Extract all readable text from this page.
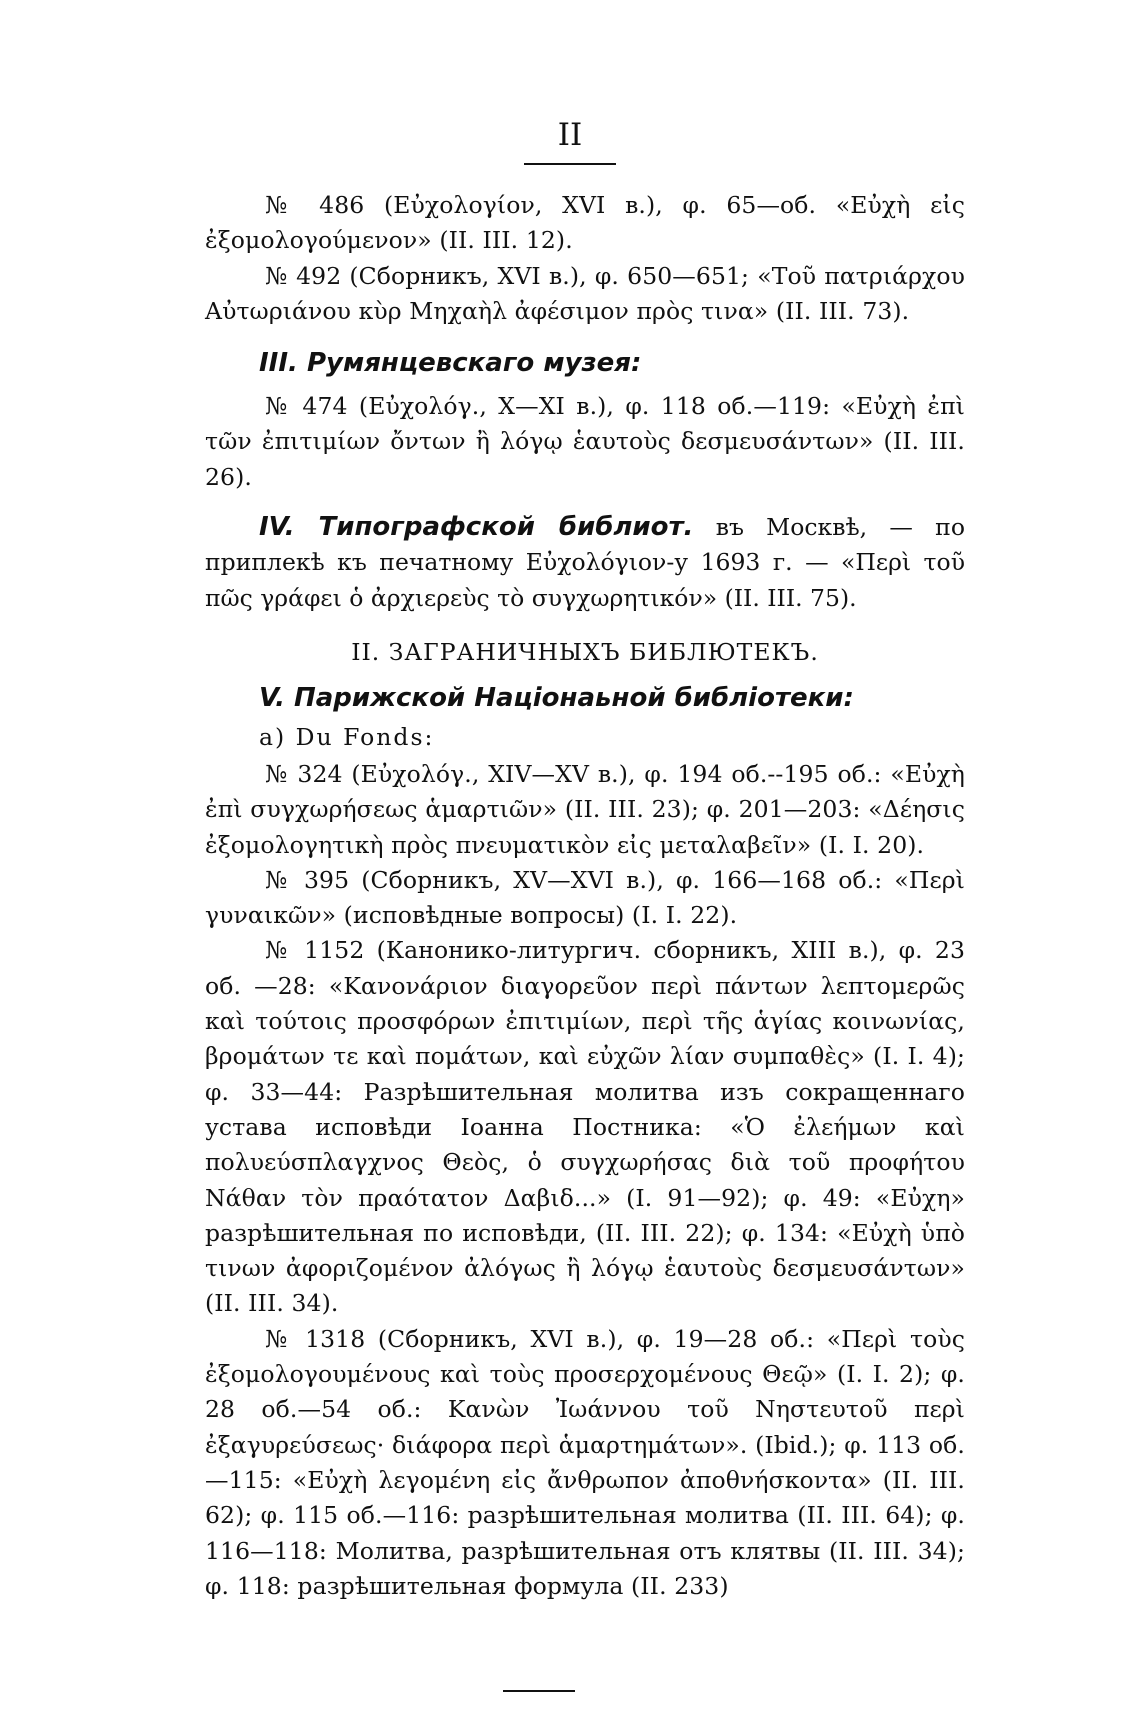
II

№ 486 (Εὐχολογίον, XVI в.), φ. 65—об. «Εὐχὴ εἰς ἐξομολογούμενον» (II. III. 12).

№ 492 (Сборникъ, XVI в.), φ. 650—651; «Τοῦ πατριάρχου Αὐτωριάνου κὺρ Μηχαὴλ ἀφέσιμον πρὸς τινα» (II. III. 73).

III. Румянцевскаго музея:

№ 474 (Εὐχολόγ., X—XI в.), φ. 118 об.—119: «Εὐχὴ ἐπὶ τῶν ἐπιτιμίων ὄντων ἢ λόγῳ ἑαυτοὺς δεσμευσάντων» (II. III. 26).

IV. Типографской библиот. въ Москвѣ, — по приплекѣ къ печатному Εὐχολόγιον-у 1693 г. — «Περὶ τοῦ πῶς γράφει ὁ ἀρχιερεὺς τὸ συγχωρητικόν» (II. III. 75).
II. ЗАГРАНИЧНЫХЪ БИБЛЮТЕКЪ.
V. Парижской Націонаьной библіотеки:
a) Du Fonds:

№ 324 (Εὐχολόγ., XIV—XV в.), φ. 194 об.--195 об.: «Εὐχὴ ἐπὶ συγχωρήσεως ἁμαρτιῶν» (II. III. 23); φ. 201—203: «Δέησις ἐξομολογητικὴ πρὸς πνευματικὸν εἰς μεταλαβεῖν» (I. I. 20).

№ 395 (Сборникъ, XV—XVI в.), φ. 166—168 об.: «Περὶ γυναικῶν» (исповѣдные вопросы) (I. I. 22).

№ 1152 (Канонико-литургич. сборникъ, XIII в.), φ. 23 об. —28: «Κανονάριον διαγορεῦον περὶ πάντων λεπτομερῶς καὶ τούτοις προσφόρων ἐπιτιμίων, περὶ τῆς ἁγίας κοινωνίας, βρομάτων τε καὶ πομάτων, καὶ εὐχῶν λίαν συμπαθὲς» (I. I. 4); φ. 33—44: Разрѣшительная молитва изъ сокращеннаго устава исповѣди Іоанна Постника: «Ὁ ἐλεήμων καὶ πολυεύσπλαγχνος Θεὸς, ὁ συγχωρήσας διὰ τοῦ προφήτου Νάθαν τὸν πραότατον Δαβιδ...» (I. 91—92); φ. 49: «Εὐχη» разрѣшительная по исповѣди, (II. III. 22); φ. 134: «Εὐχὴ ὑπὸ τινων ἀφοριζομένον ἀλόγως ἢ λόγῳ ἑαυτοὺς δεσμευσάντων» (II. III. 34).

№ 1318 (Сборникъ, XVI в.), φ. 19—28 об.: «Περὶ τοὺς ἐξομολογουμένους καὶ τοὺς προσερχομένους Θεῷ» (I. I. 2); φ. 28 об.—54 об.: Κανὼν Ἰωάννου τοῦ Νηστευτοῦ περὶ ἐξαγυρεύσεως· διάφορα περὶ ἁμαρτημάτων». (Ibid.); φ. 113 об.—115: «Εὐχὴ λεγομένη εἰς ἄνθρωπον ἀποθνήσκοντα» (II. III. 62); φ. 115 об.—116: разрѣшительная молитва (II. III. 64); φ. 116—118: Молитва, разрѣшительная отъ клятвы (II. III. 34); φ. 118: разрѣшительная формула (II. 233)
